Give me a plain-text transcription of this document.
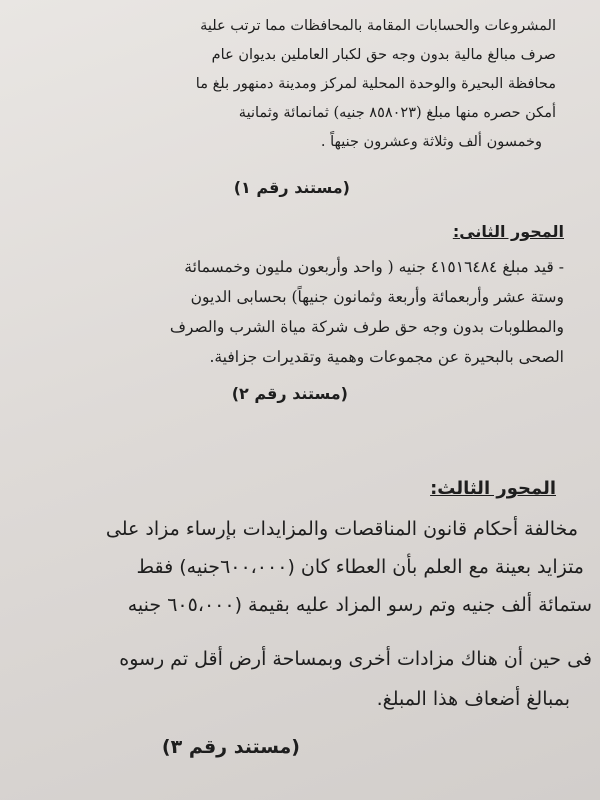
المشروعات والحسابات المقامة بالمحافظات مما ترتب علية
صرف مبالغ مالية بدون وجه حق لكبار العاملين بديوان عام
محافظة البحيرة والوحدة المحلية لمركز ومدينة دمنهور بلغ ما
أمكن حصره منها مبلغ (٨٥٨٠٢٣ جنيه) ثمانمائة وثمانية
وخمسون ألف وثلاثة وعشرون جنيهاً .
(مستند رقم ١)
المحور الثانى:
- قيد مبلغ ٤١٥١٦٤٨٤ جنيه ( واحد وأربعون مليون وخمسمائة
وستة عشر وأربعمائة وأربعة وثمانون جنيهاً) بحسابى الديون
والمطلوبات بدون وجه حق طرف شركة مياة الشرب والصرف
الصحى بالبحيرة عن مجموعات وهمية وتقديرات جزافية.
(مستند رقم ٢)
المحور الثالث:
مخالفة أحكام قانون المناقصات والمزايدات بإرساء مزاد على
متزايد بعينة مع العلم بأن العطاء كان (٦٠٠،٠٠٠جنيه) فقط
ستمائة ألف جنيه وتم رسو المزاد عليه بقيمة (٦٠٥،٠٠٠ جنيه
فى حين أن هناك مزادات أخرى وبمساحة أرض أقل تم رسوه
بمبالغ أضعاف هذا المبلغ.
(مستند رقم ٣)
